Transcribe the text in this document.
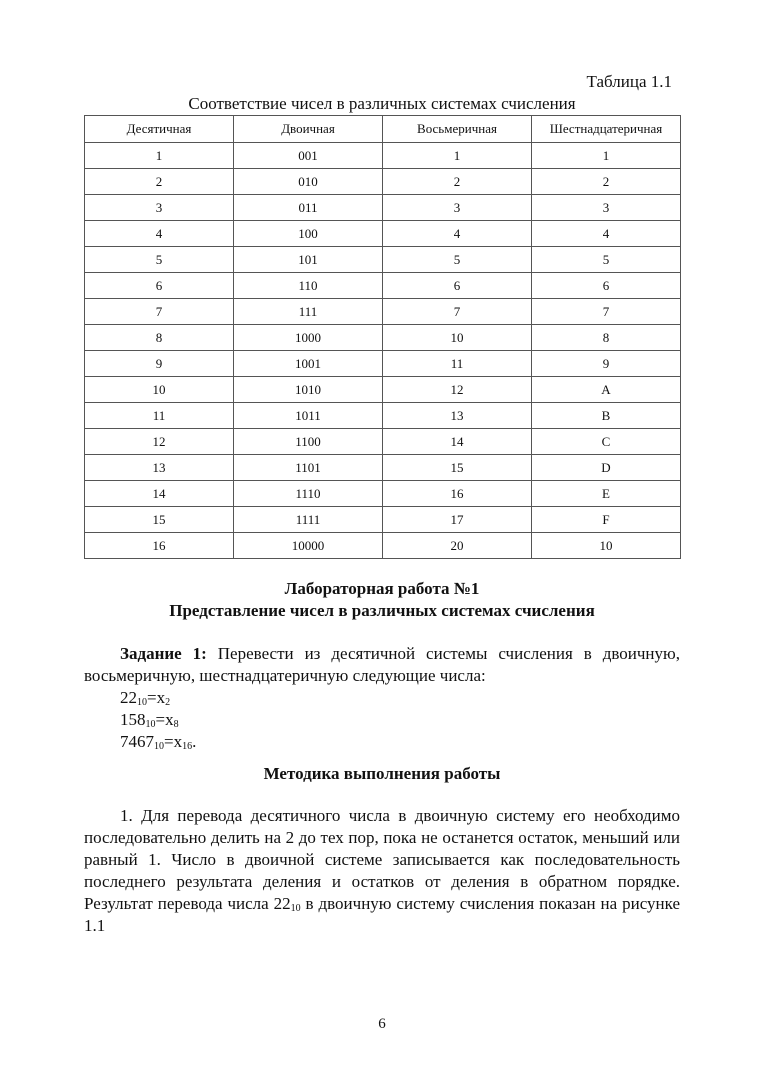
Таблица 1.1
Соответствие чисел в различных системах счисления
Десятичная	Двоичная	Восьмеричная	Шестнадцатеричная
1	001	1	1
2	010	2	2
3	011	3	3
4	100	4	4
5	101	5	5
6	110	6	6
7	111	7	7
8	1000	10	8
9	1001	11	9
10	1010	12	A
11	1011	13	B
12	1100	14	C
13	1101	15	D
14	1110	16	E
15	1111	17	F
16	10000	20	10
Лабораторная работа №1
Представление чисел в различных системах счисления
Задание 1: Перевести из десятичной системы счисления в двоичную, восьмеричную, шестнадцатеричную следующие числа:
$22_{10}=x_2$
$158_{10}=x_8$
$7467_{10}=x_{16}$.
Методика выполнения работы
1. Для перевода десятичного числа в двоичную систему его необходимо последовательно делить на 2 до тех пор, пока не останется остаток, меньший или равный 1. Число в двоичной системе записывается как последовательность последнего результата деления и остатков от деления в обратном порядке. Результат перевода числа $22_{10}$ в двоичную систему счисления показан на рисунке 1.1
6
